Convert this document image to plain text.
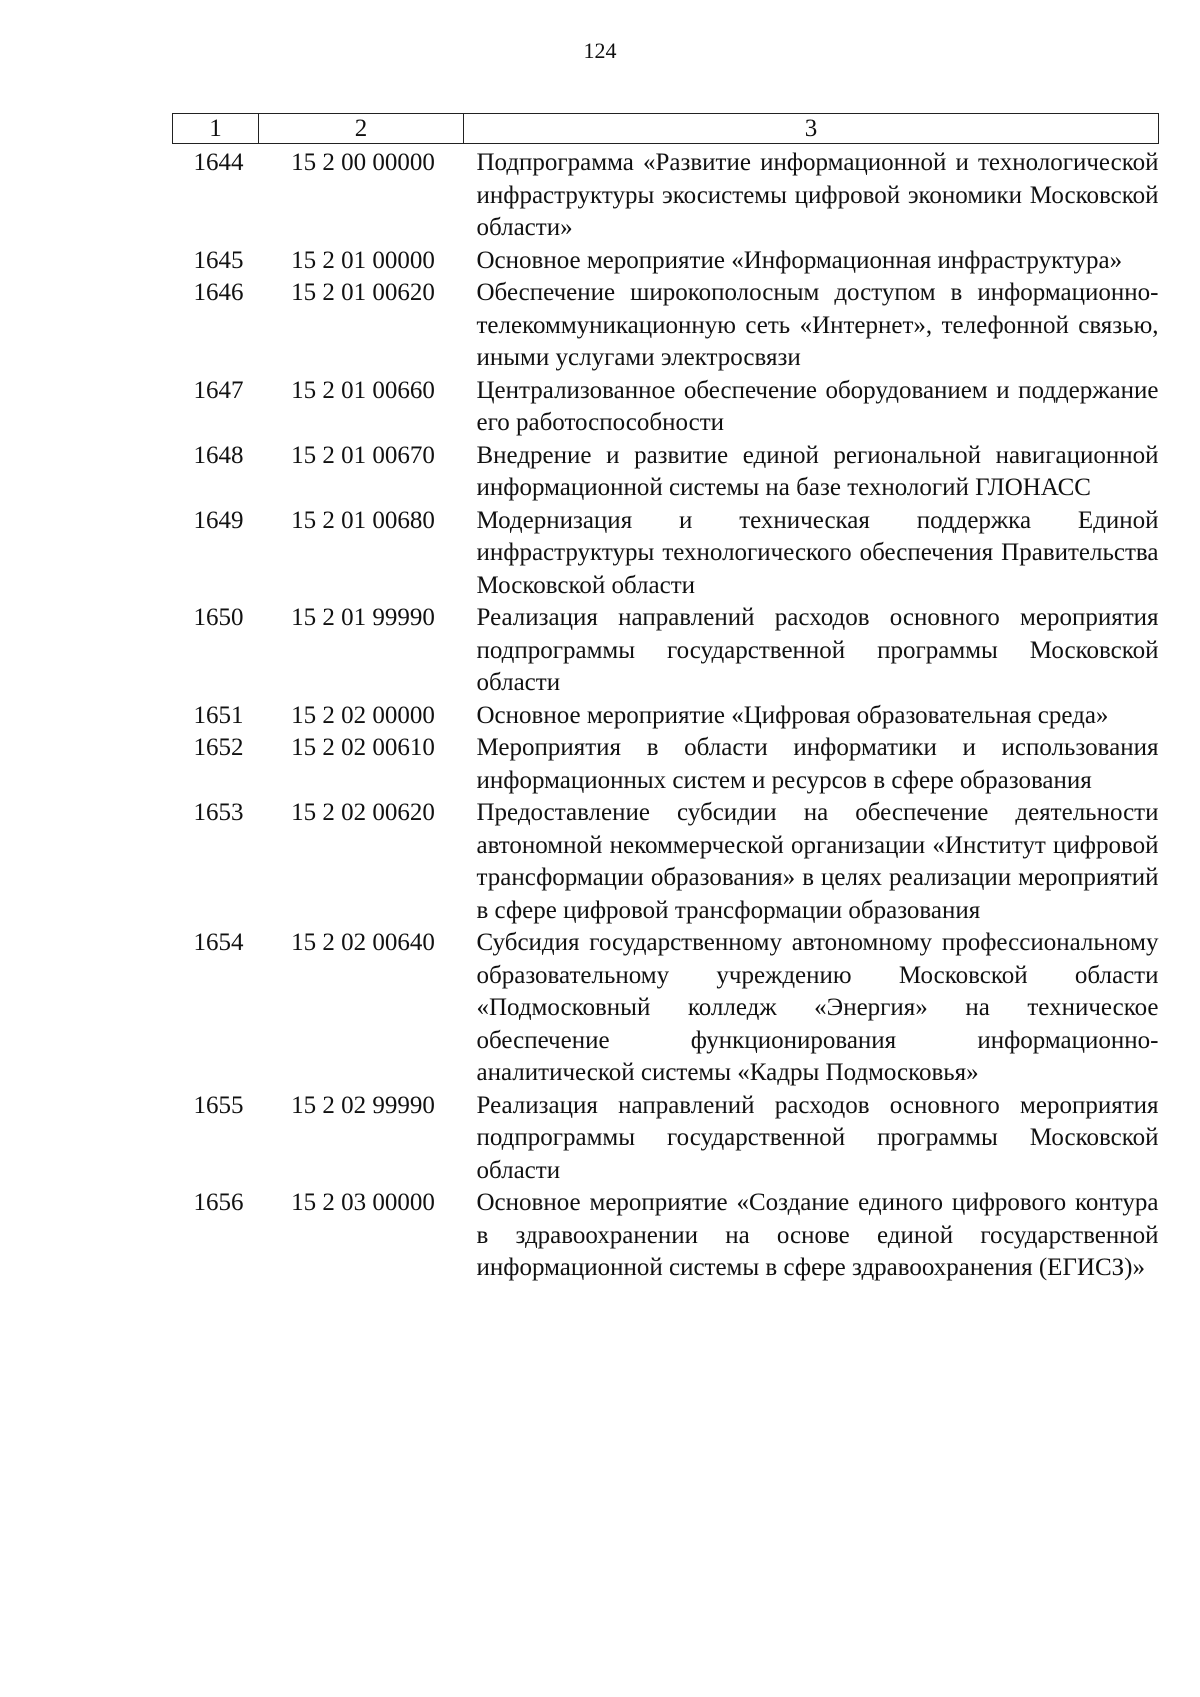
124
1	2	3

1644	15 2 00 00000	Подпрограмма «Развитие информационной и технологической инфраструктуры экосистемы цифровой экономики Московской области»
1645	15 2 01 00000	Основное мероприятие «Информационная инфраструктура»
1646	15 2 01 00620	Обеспечение широкополосным доступом в информационно-телекоммуникационную сеть «Интернет», телефонной связью, иными услугами электросвязи
1647	15 2 01 00660	Централизованное обеспечение оборудованием и поддержание его работоспособности
1648	15 2 01 00670	Внедрение и развитие единой региональной навигационной информационной системы на базе технологий ГЛОНАСС
1649	15 2 01 00680	Модернизация и техническая поддержка Единой инфраструктуры технологического обеспечения Правительства Московской области
1650	15 2 01 99990	Реализация направлений расходов основного мероприятия подпрограммы государственной программы Московской области
1651	15 2 02 00000	Основное мероприятие «Цифровая образовательная среда»
1652	15 2 02 00610	Мероприятия в области информатики и использования информационных систем и ресурсов в сфере образования
1653	15 2 02 00620	Предоставление субсидии на обеспечение деятельности автономной некоммерческой организации «Институт цифровой трансформации образования» в целях реализации мероприятий в сфере цифровой трансформации образования
1654	15 2 02 00640	Субсидия государственному автономному профессиональному образовательному учреждению Московской области «Подмосковный колледж «Энергия» на техническое обеспечение функционирования информационно-аналитической системы «Кадры Подмосковья»
1655	15 2 02 99990	Реализация направлений расходов основного мероприятия подпрограммы государственной программы Московской области
1656	15 2 03 00000	Основное мероприятие «Создание единого цифрового контура в здравоохранении на основе единой государственной информационной системы в сфере здравоохранения (ЕГИСЗ)»
